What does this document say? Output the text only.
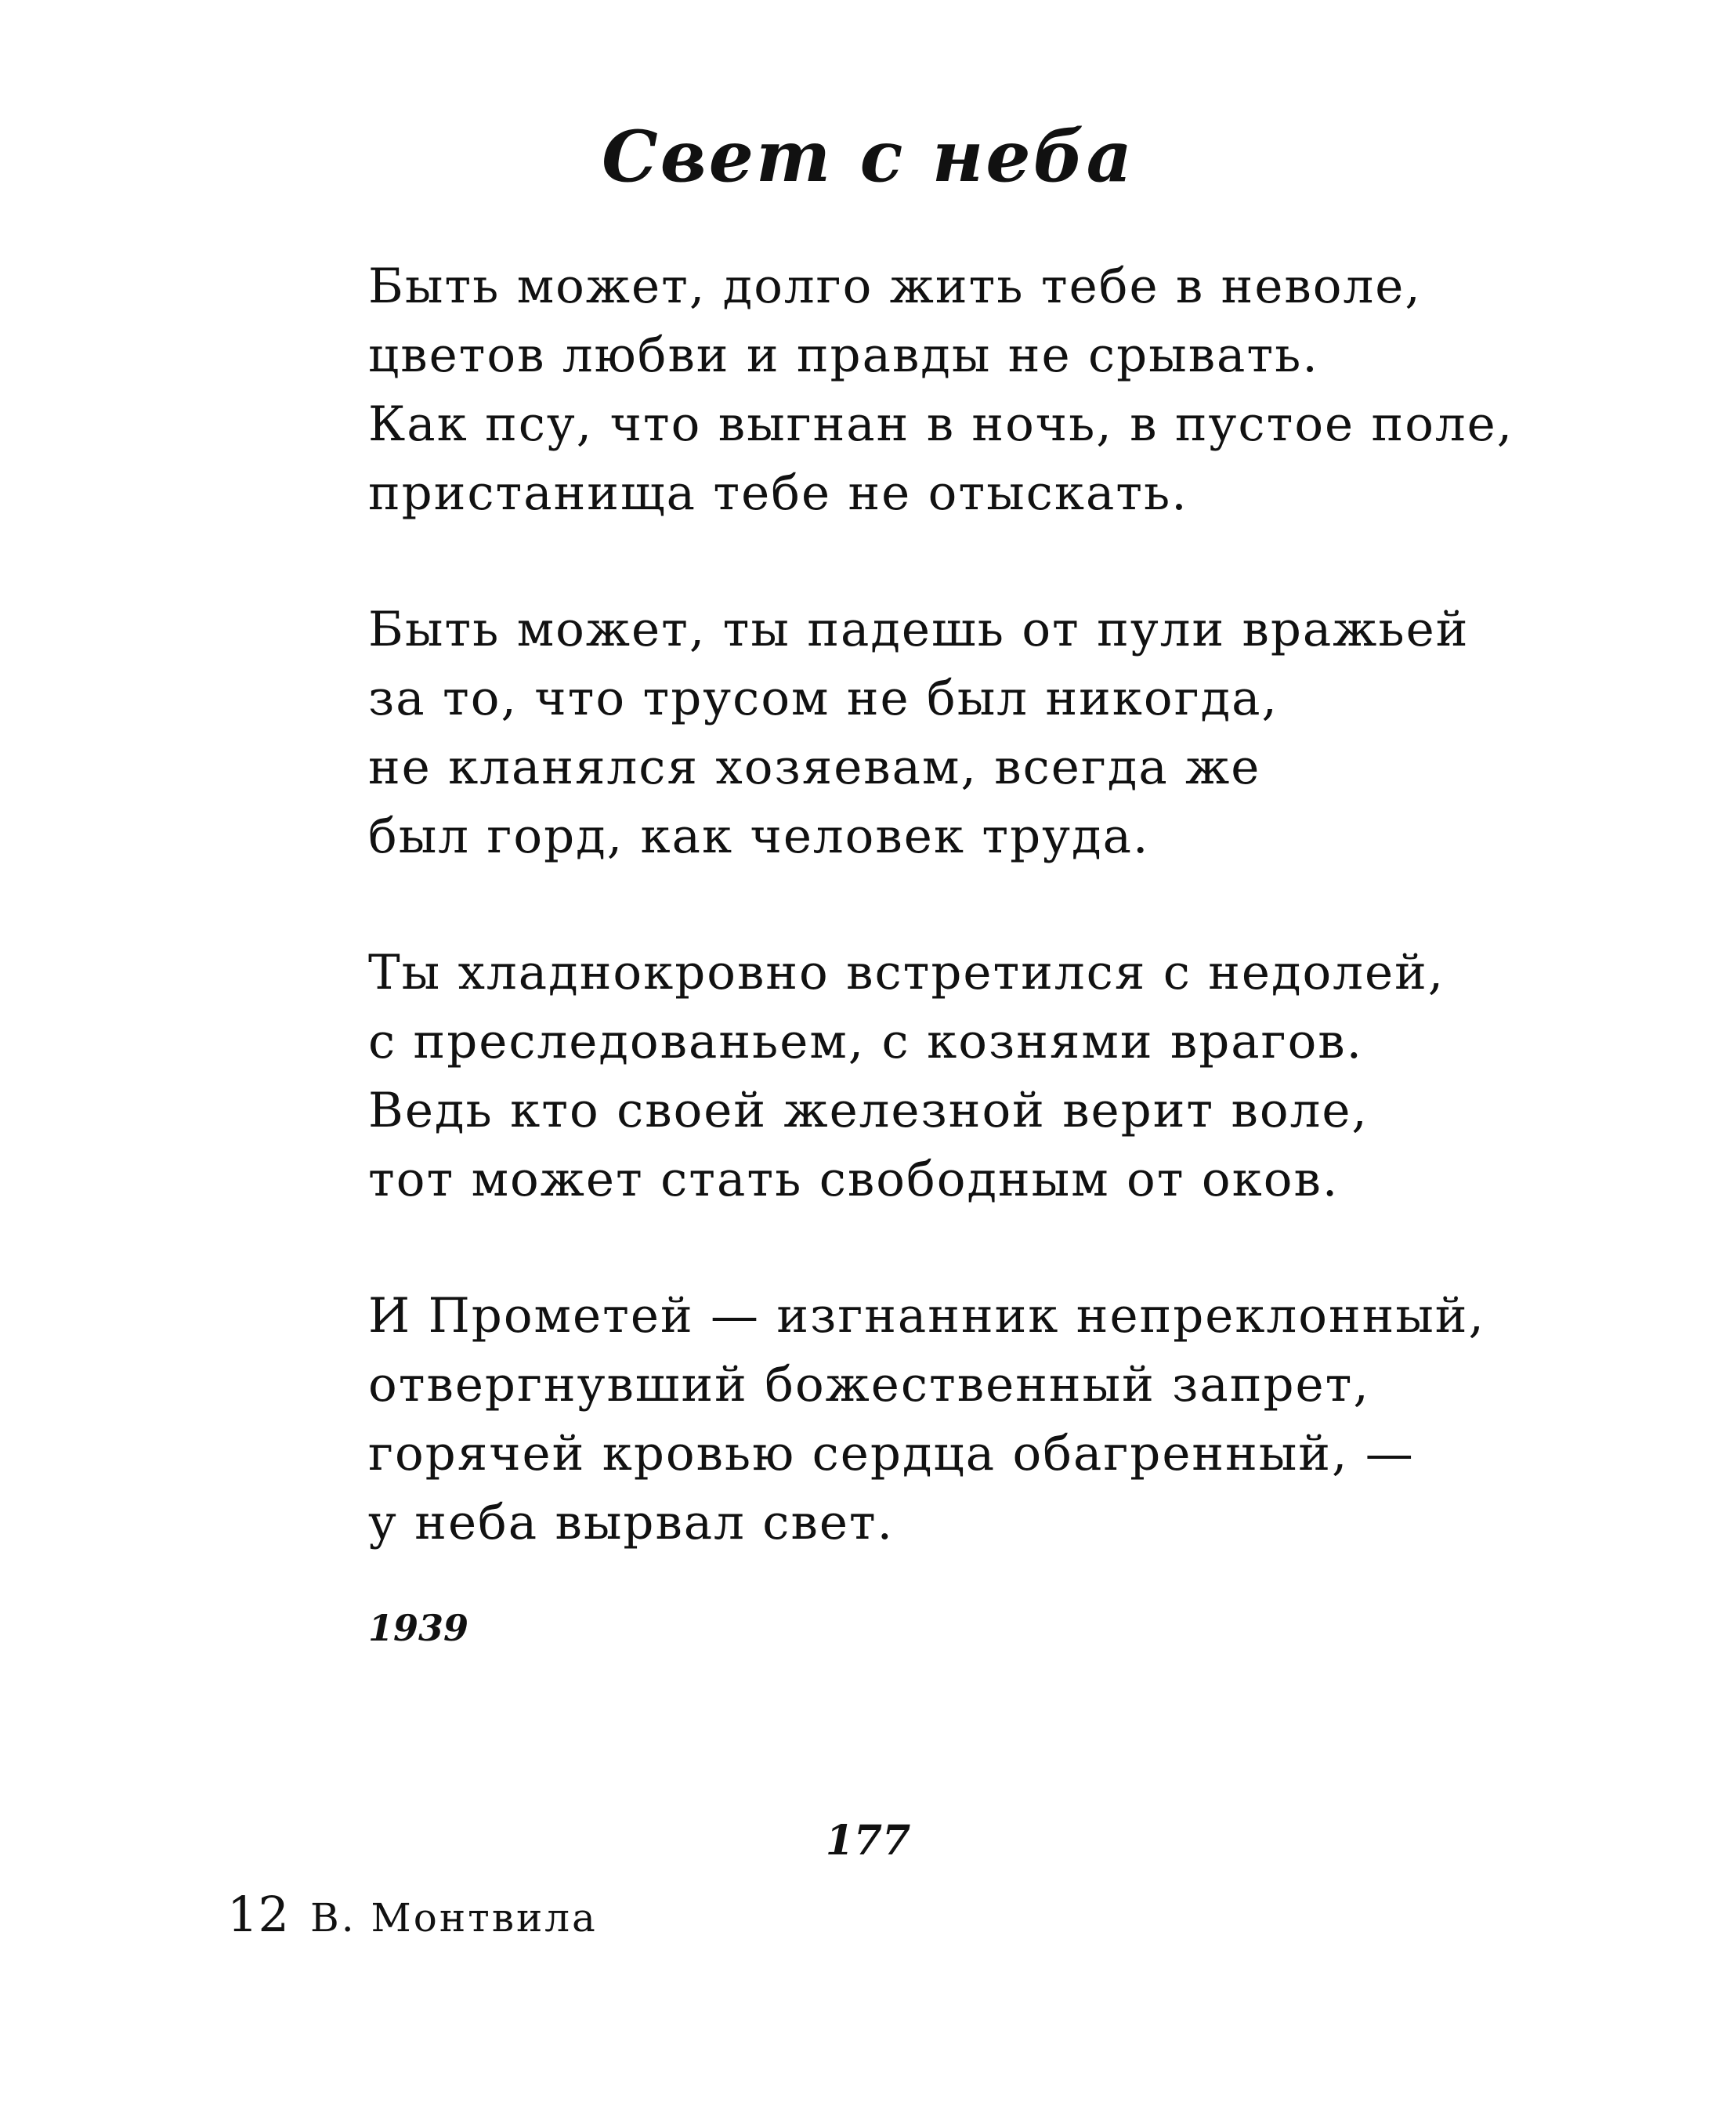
Свет с неба
Быть может, долго жить тебе в неволе,
цветов любви и правды не срывать.
Как псу, что выгнан в ночь, в пустое поле,
пристанища тебе не отыскать.
Быть может, ты падешь от пули вражьей
за то, что трусом не был никогда,
не кланялся хозяевам, всегда же
был горд, как человек труда.
Ты хладнокровно встретился с недолей,
с преследованьем, с кознями врагов.
Ведь кто своей железной верит воле,
тот может стать свободным от оков.
И Прометей — изгнанник непреклонный,
отвергнувший божественный запрет,
горячей кровью сердца обагренный, —
у неба вырвал свет.
1939
177
12 В. Монтвила
